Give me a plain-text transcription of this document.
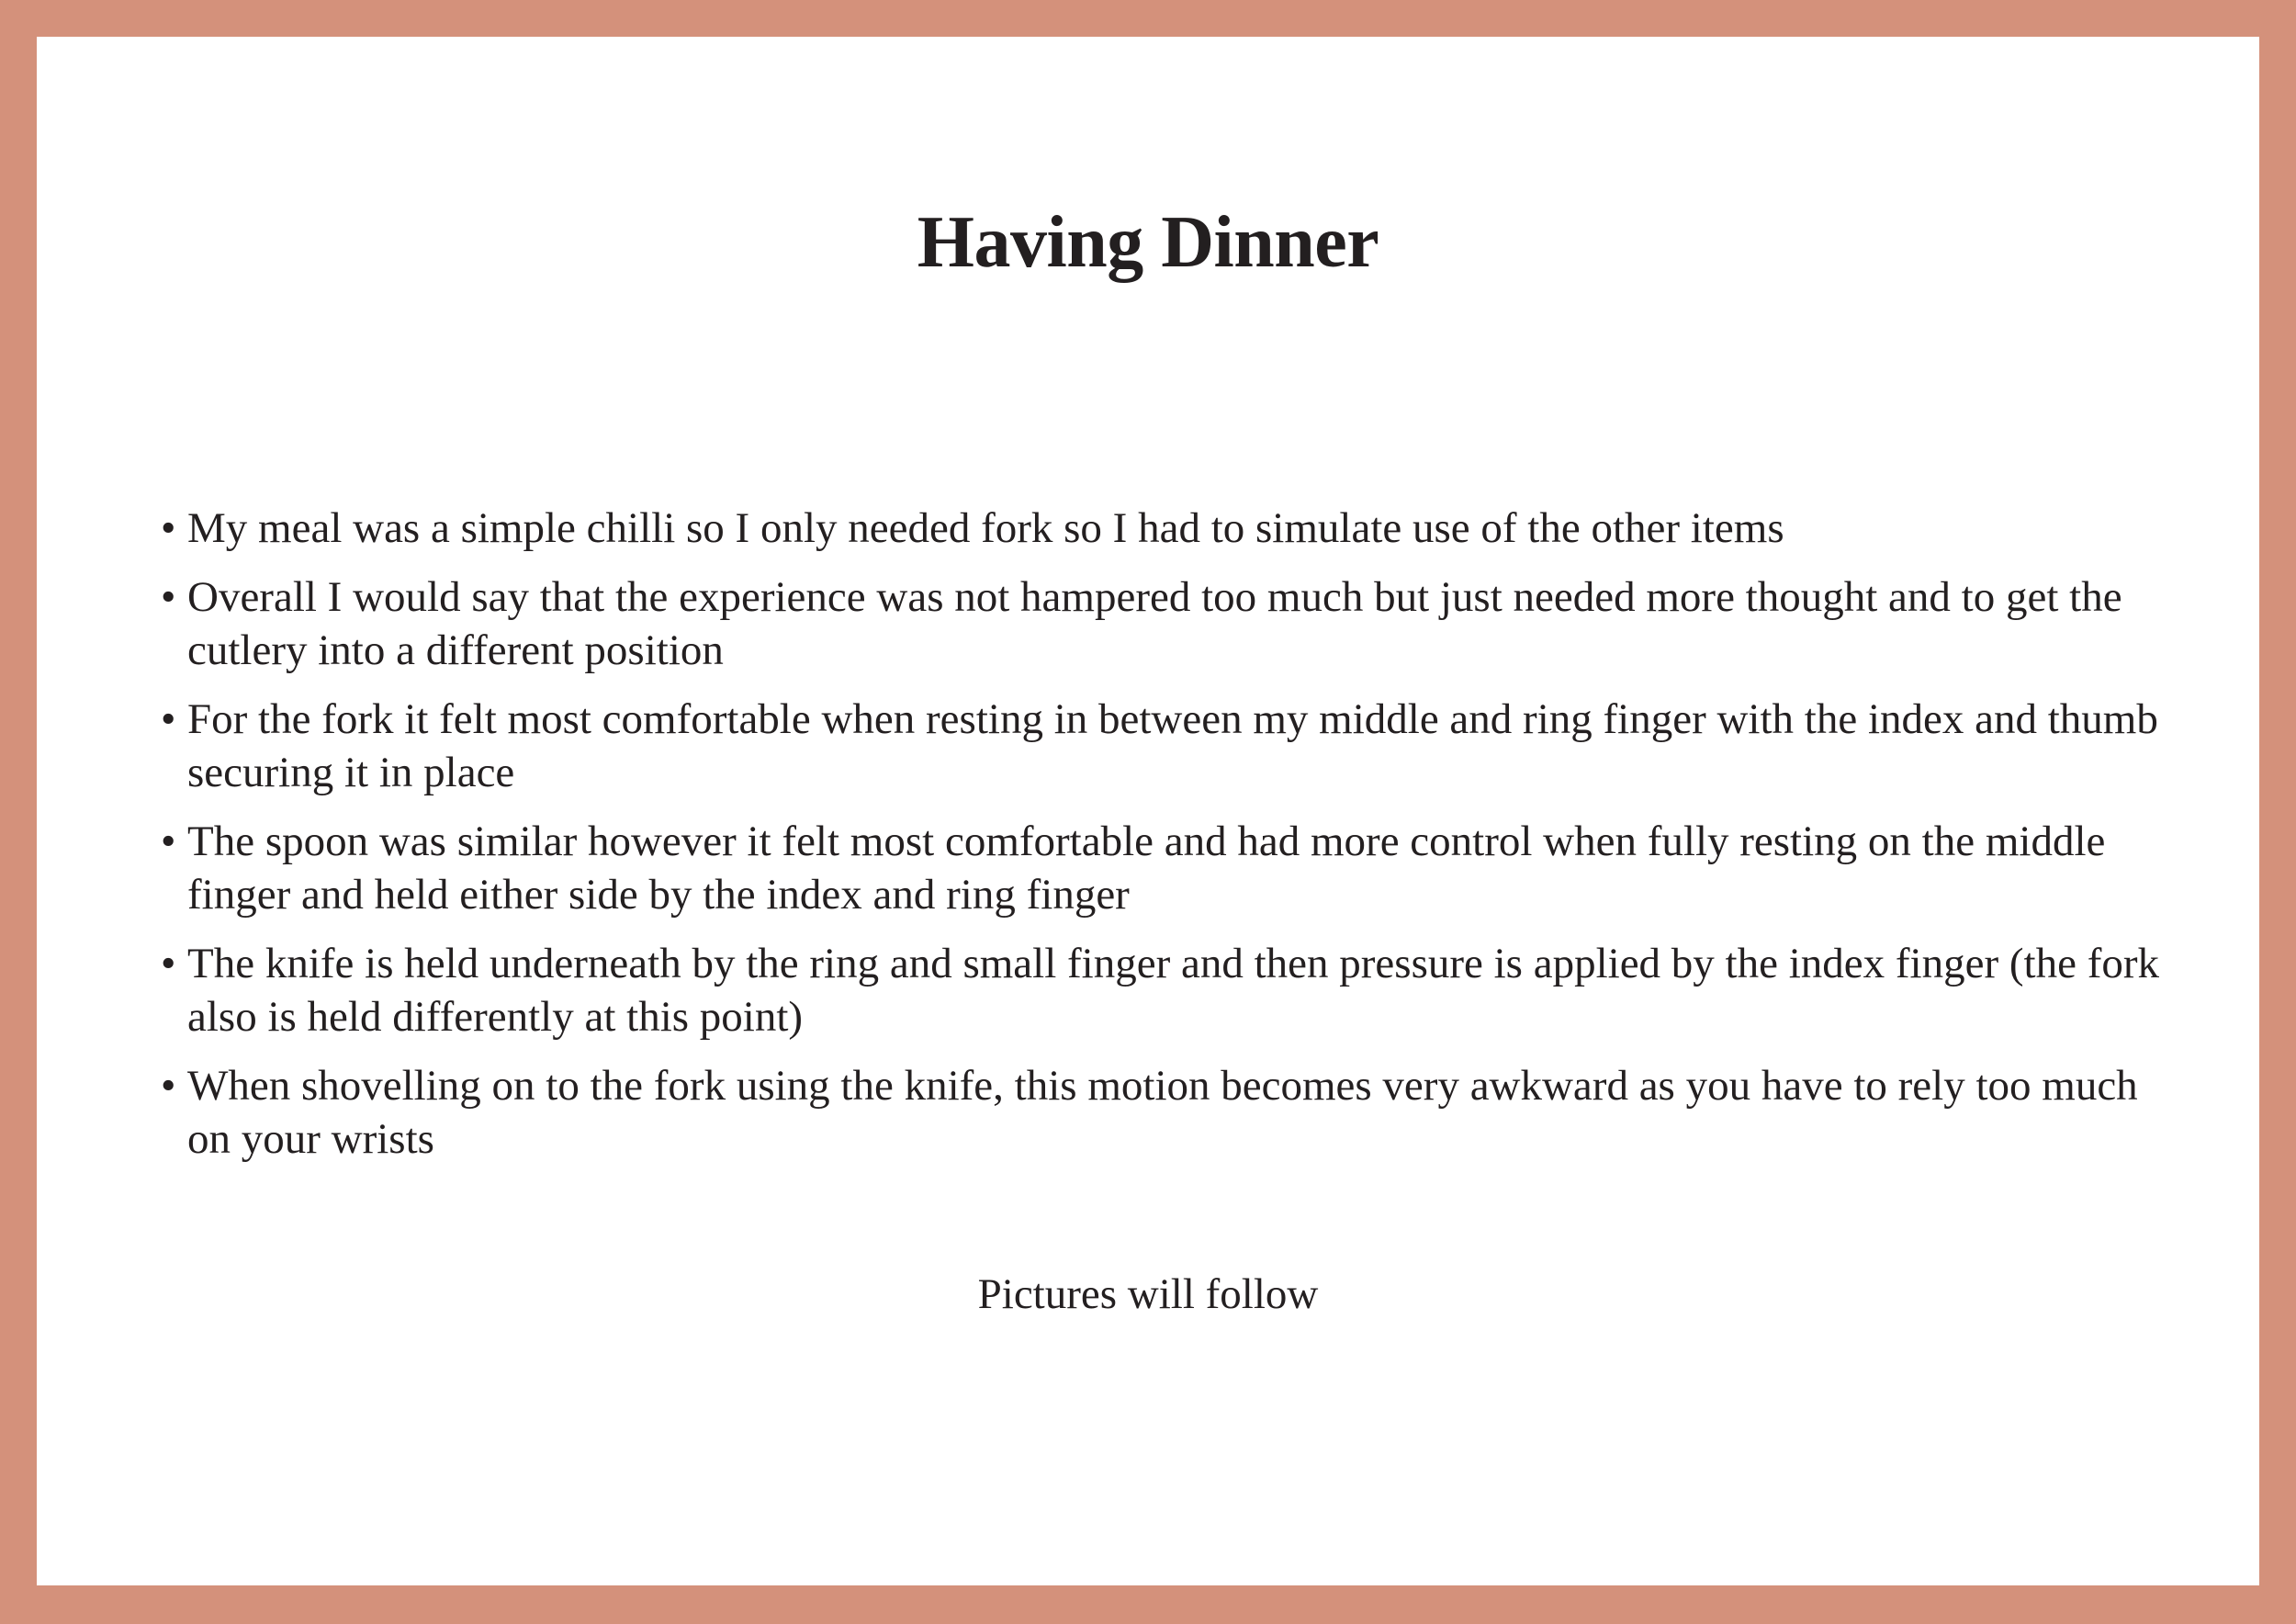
Having Dinner
• My meal was a simple chilli so I only needed fork so I had to simulate use of the other items
• Overall I would say that the experience was not hampered too much but just needed more thought and to get the cutlery into a different position
• For the fork it felt most comfortable when resting in between my middle and ring finger with the index and thumb securing it in place
• The spoon was similar however it felt most comfortable and had more control when fully resting on the middle finger and held either side by the index and ring finger
• The knife is held underneath by the ring and small finger and then pressure is applied by the index finger (the fork also is held differently at this point)
• When shovelling on to the fork using the knife, this motion becomes very awkward as you have to rely too much on your wrists

Pictures will follow
